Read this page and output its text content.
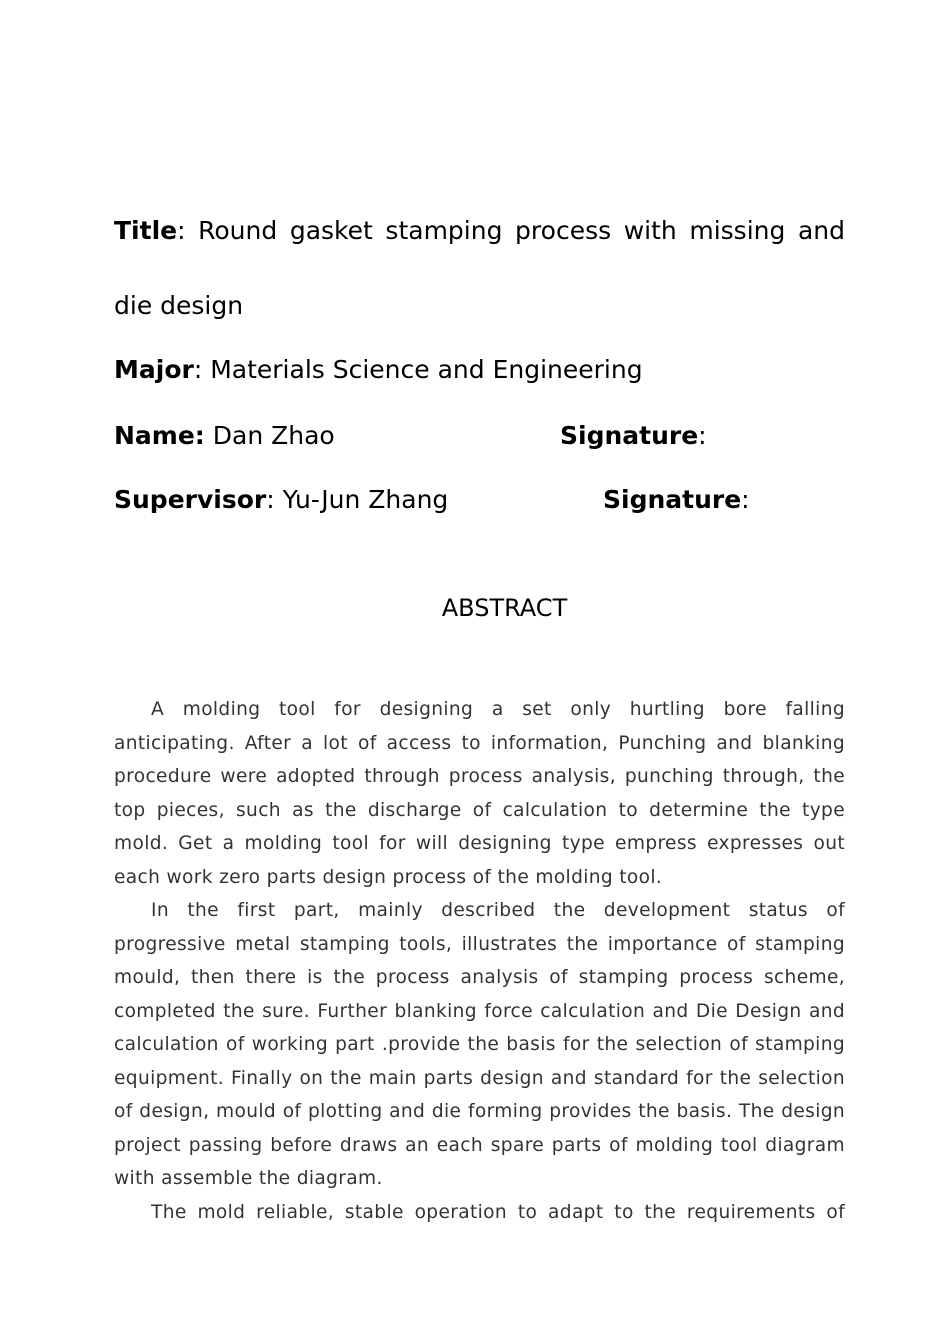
Title: Round gasket stamping process with missing and
die design
Major: Materials Science and Engineering
Name: Dan Zhao	Signature:
Supervisor: Yu-Jun Zhang	Signature:
ABSTRACT

A molding tool for designing a set only hurtling bore falling anticipating. After a lot of access to information, Punching and blanking procedure were adopted through process analysis, punching through, the top pieces, such as the discharge of calculation to determine the type mold. Get a molding tool for will designing type empress expresses out each work zero parts design process of the molding tool.

In the first part, mainly described the development status of progressive metal stamping tools, illustrates the importance of stamping mould, then there is the process analysis of stamping process scheme, completed the sure. Further blanking force calculation and Die Design and calculation of working part .provide the basis for the selection of stamping equipment. Finally on the main parts design and standard for the selection of design, mould of plotting and die forming provides the basis. The design project passing before draws an each spare parts of molding tool diagram with assemble the diagram.

The mold reliable, stable operation to adapt to the requirements of
